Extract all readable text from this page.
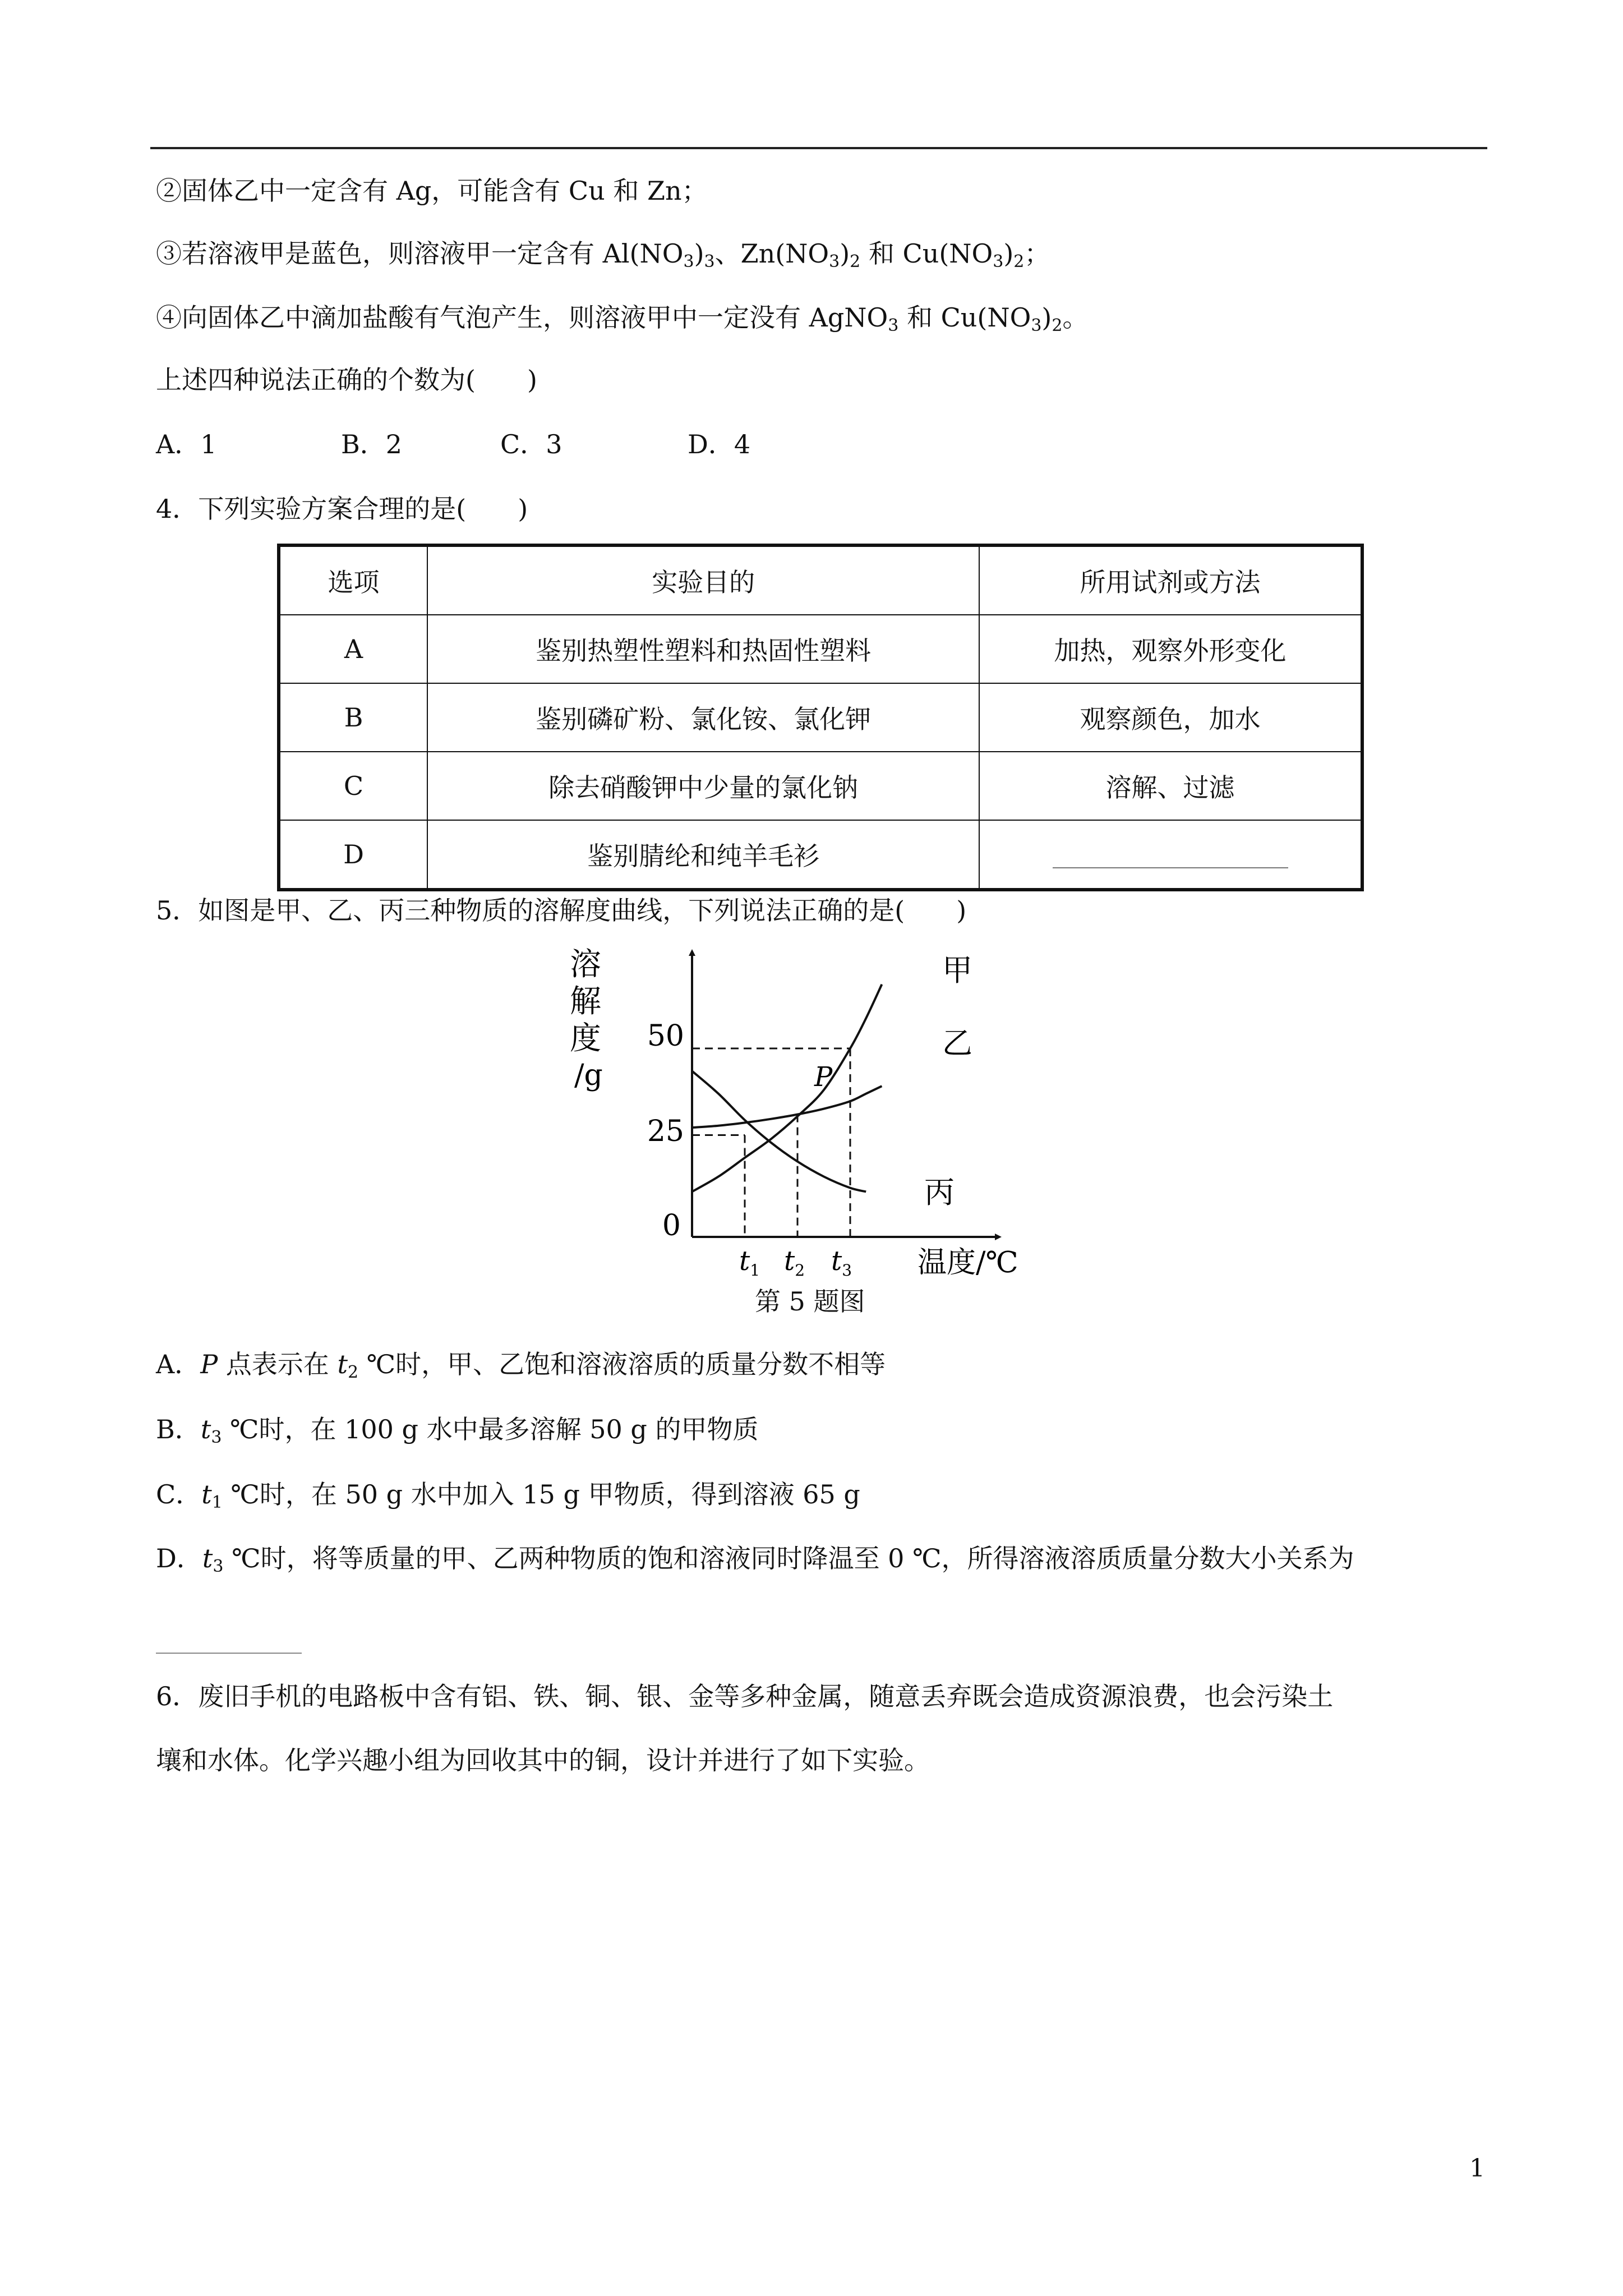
②固体乙中一定含有 Ag，可能含有 Cu 和 Zn；
③若溶液甲是蓝色，则溶液甲一定含有 $Al(NO_3)_3$、$Zn(NO_3)_2$ 和 $Cu(NO_3)_2$；
④向固体乙中滴加盐酸有气泡产生，则溶液甲中一定没有 AgNO$_3$ 和 $Cu(NO_3)_2$。
上述四种说法正确的个数为(　　)
A．1	B．2	C．3	D．4
4．下列实验方案合理的是(　　)
选项	实验目的	所用试剂或方法
A	鉴别热塑性塑料和热固性塑料	加热，观察外形变化
B	鉴别磷矿粉、氯化铵、氯化钾	观察颜色，加水
C	除去硝酸钾中少量的氯化钠	溶解、过滤
D	鉴别腈纶和纯羊毛衫	
5．如图是甲、乙、丙三种物质的溶解度曲线，下列说法正确的是(　　)
溶
解
度
/g
50
25
0
$t_1$ $t_2$ $t_3$ 温度/℃
甲
乙
丙
P
第 5 题图
A．P 点表示在 $t_2$ ℃时，甲、乙饱和溶液溶质的质量分数不相等
B．$t_3$ ℃时，在 100 g 水中最多溶解 50 g 的甲物质
C．$t_1$ ℃时，在 50 g 水中加入 15 g 甲物质，得到溶液 65 g
D．$t_3$ ℃时，将等质量的甲、乙两种物质的饱和溶液同时降温至 0 ℃，所得溶液溶质质量分数大小关系为
6．废旧手机的电路板中含有铝、铁、铜、银、金等多种金属，随意丢弃既会造成资源浪费，也会污染土
壤和水体。化学兴趣小组为回收其中的铜，设计并进行了如下实验。
1
